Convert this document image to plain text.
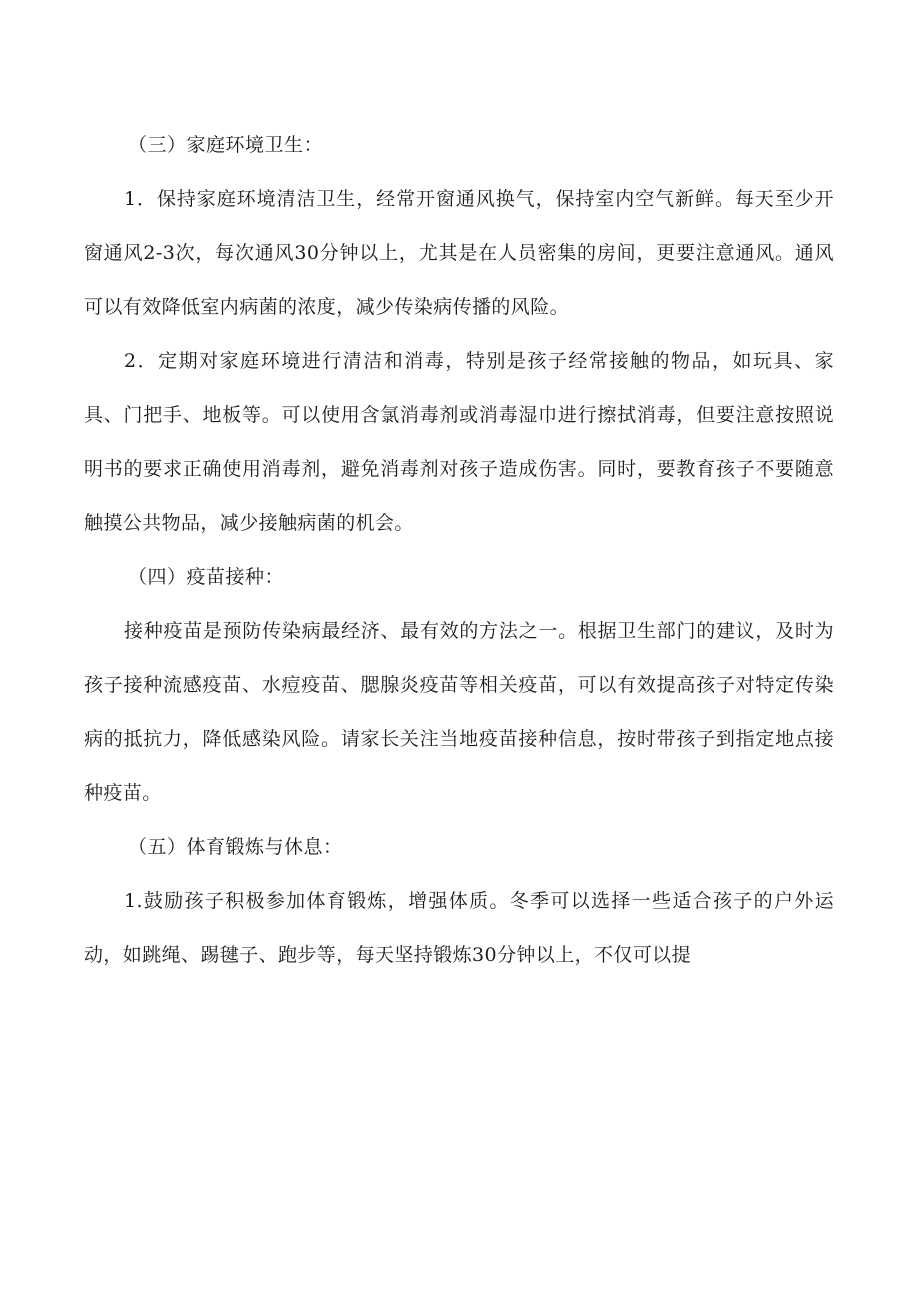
（三）家庭环境卫生：

1．保持家庭环境清洁卫生，经常开窗通风换气，保持室内空气新鲜。每天至少开窗通风2-3次，每次通风30分钟以上，尤其是在人员密集的房间，更要注意通风。通风可以有效降低室内病菌的浓度，减少传染病传播的风险。

2．定期对家庭环境进行清洁和消毒，特别是孩子经常接触的物品，如玩具、家具、门把手、地板等。可以使用含氯消毒剂或消毒湿巾进行擦拭消毒，但要注意按照说明书的要求正确使用消毒剂，避免消毒剂对孩子造成伤害。同时，要教育孩子不要随意触摸公共物品，减少接触病菌的机会。

（四）疫苗接种：

接种疫苗是预防传染病最经济、最有效的方法之一。根据卫生部门的建议，及时为孩子接种流感疫苗、水痘疫苗、腮腺炎疫苗等相关疫苗，可以有效提高孩子对特定传染病的抵抗力，降低感染风险。请家长关注当地疫苗接种信息，按时带孩子到指定地点接种疫苗。

（五）体育锻炼与休息：

1.鼓励孩子积极参加体育锻炼，增强体质。冬季可以选择一些适合孩子的户外运动，如跳绳、踢毽子、跑步等，每天坚持锻炼30分钟以上，不仅可以提
